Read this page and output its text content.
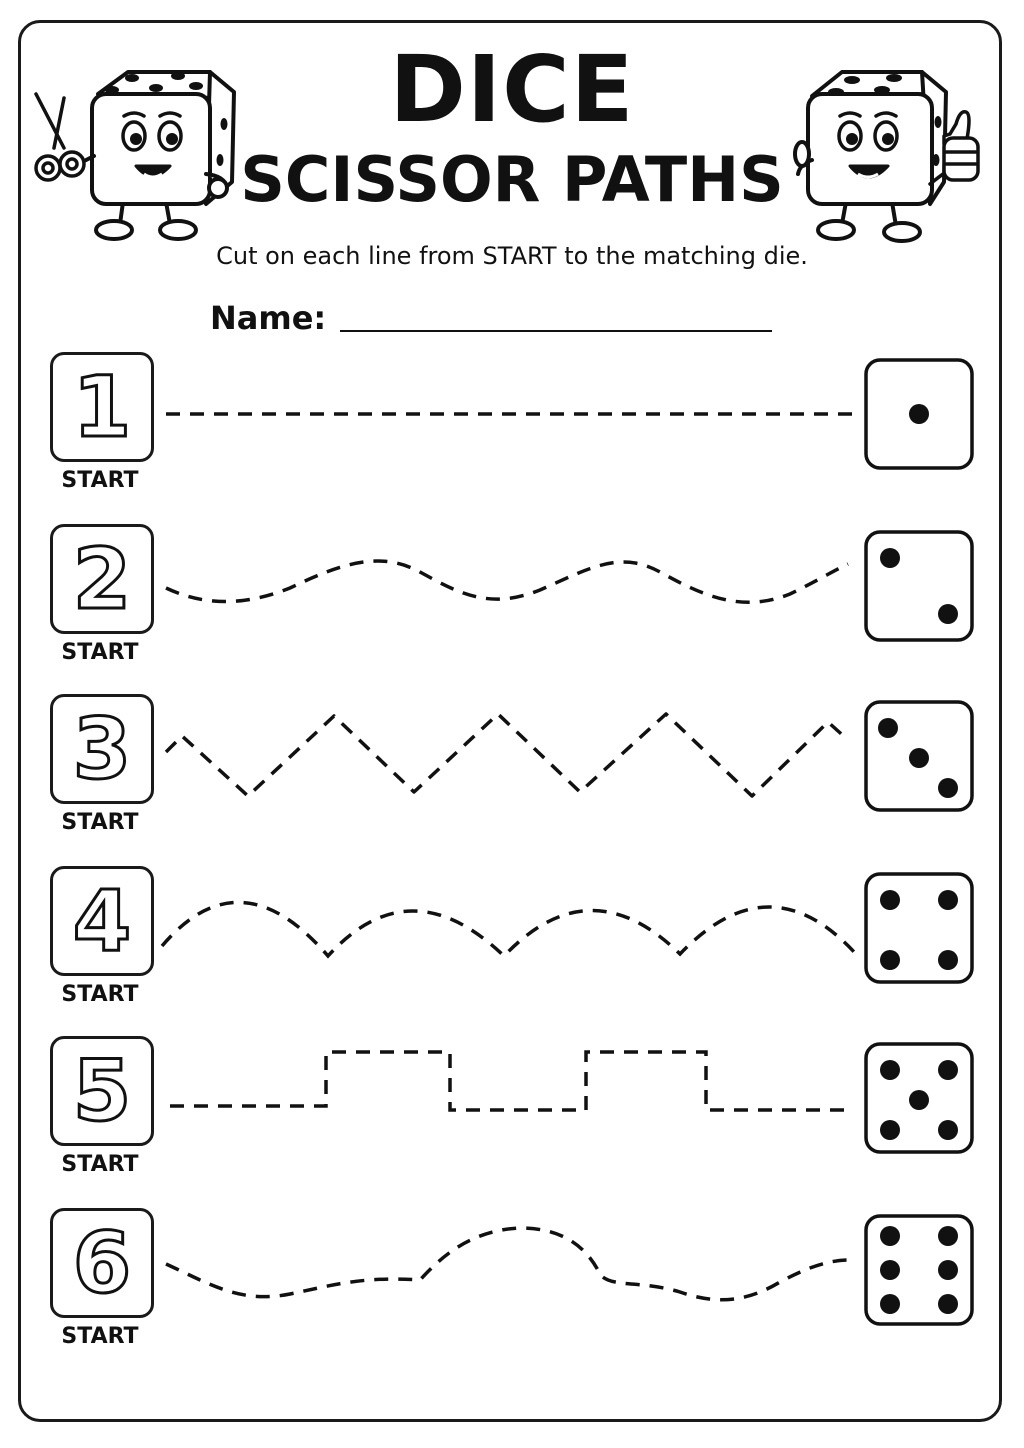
DICE
SCISSOR PATHS
Cut on each line from START to the matching die.
Name:
1
START
2
START
3
START
4
START
5
START
6
START
